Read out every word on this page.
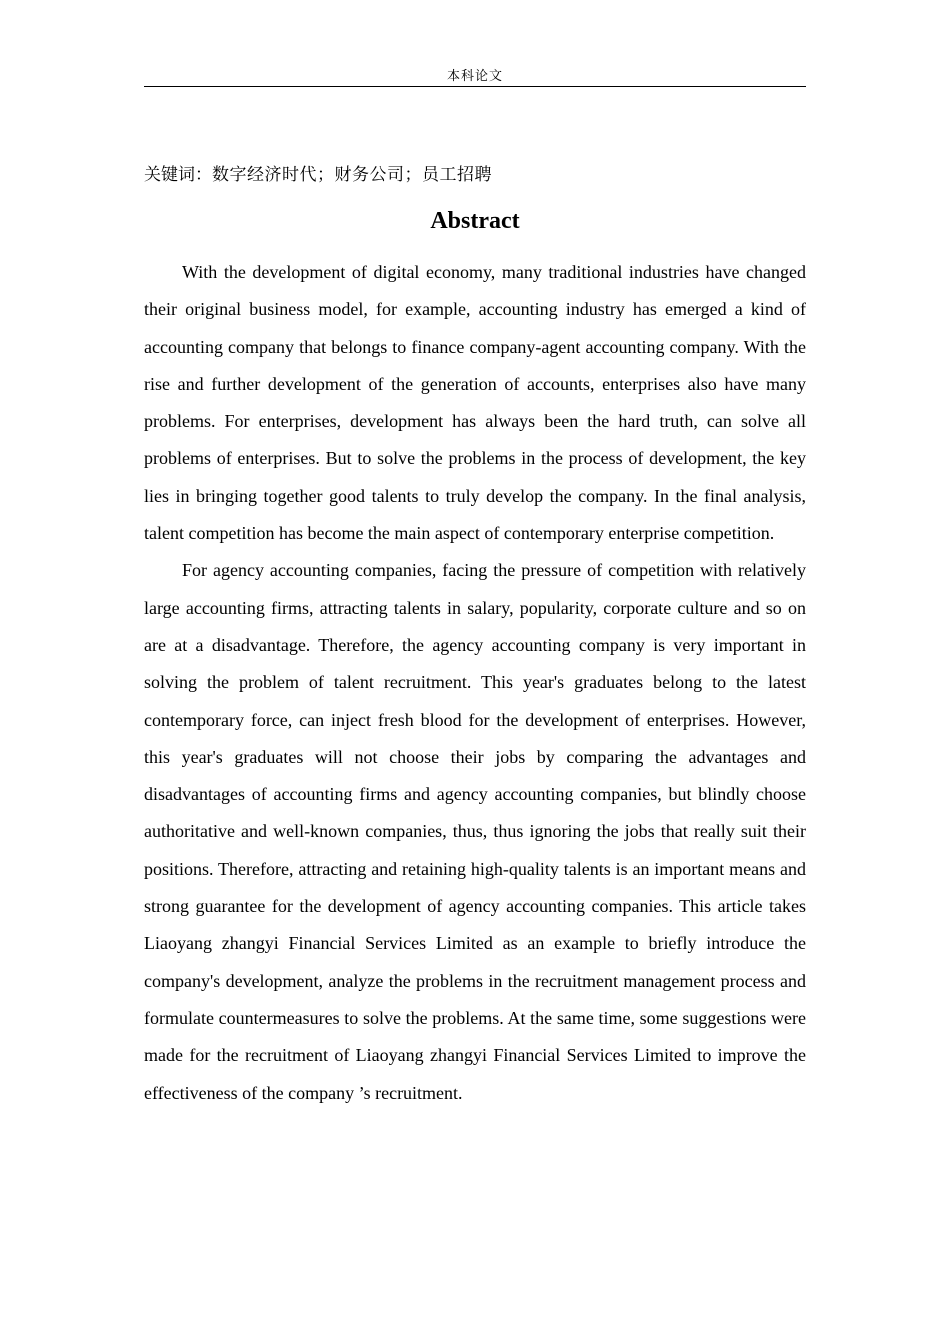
本科论文
关键词：数字经济时代；财务公司；员工招聘
Abstract

With the development of digital economy, many traditional industries have changed their original business model, for example, accounting industry has emerged a kind of accounting company that belongs to finance company-agent accounting company. With the rise and further development of the generation of accounts, enterprises also have many problems. For enterprises, development has always been the hard truth, can solve all problems of enterprises. But to solve the problems in the process of development, the key lies in bringing together good talents to truly develop the company. In the final analysis, talent competition has become the main aspect of contemporary enterprise competition.

For agency accounting companies, facing the pressure of competition with relatively large accounting firms, attracting talents in salary, popularity, corporate culture and so on are at a disadvantage. Therefore, the agency accounting company is very important in solving the problem of talent recruitment. This year's graduates belong to the latest contemporary force, can inject fresh blood for the development of enterprises. However, this year's graduates will not choose their jobs by comparing the advantages and disadvantages of accounting firms and agency accounting companies, but blindly choose authoritative and well-known companies, thus, thus ignoring the jobs that really suit their positions. Therefore, attracting and retaining high-quality talents is an important means and strong guarantee for the development of agency accounting companies. This article takes Liaoyang zhangyi Financial Services Limited as an example to briefly introduce the company's development, analyze the problems in the recruitment management process and formulate countermeasures to solve the problems. At the same time, some suggestions were made for the recruitment of Liaoyang zhangyi Financial Services Limited to improve the effectiveness of the company ’s recruitment.
